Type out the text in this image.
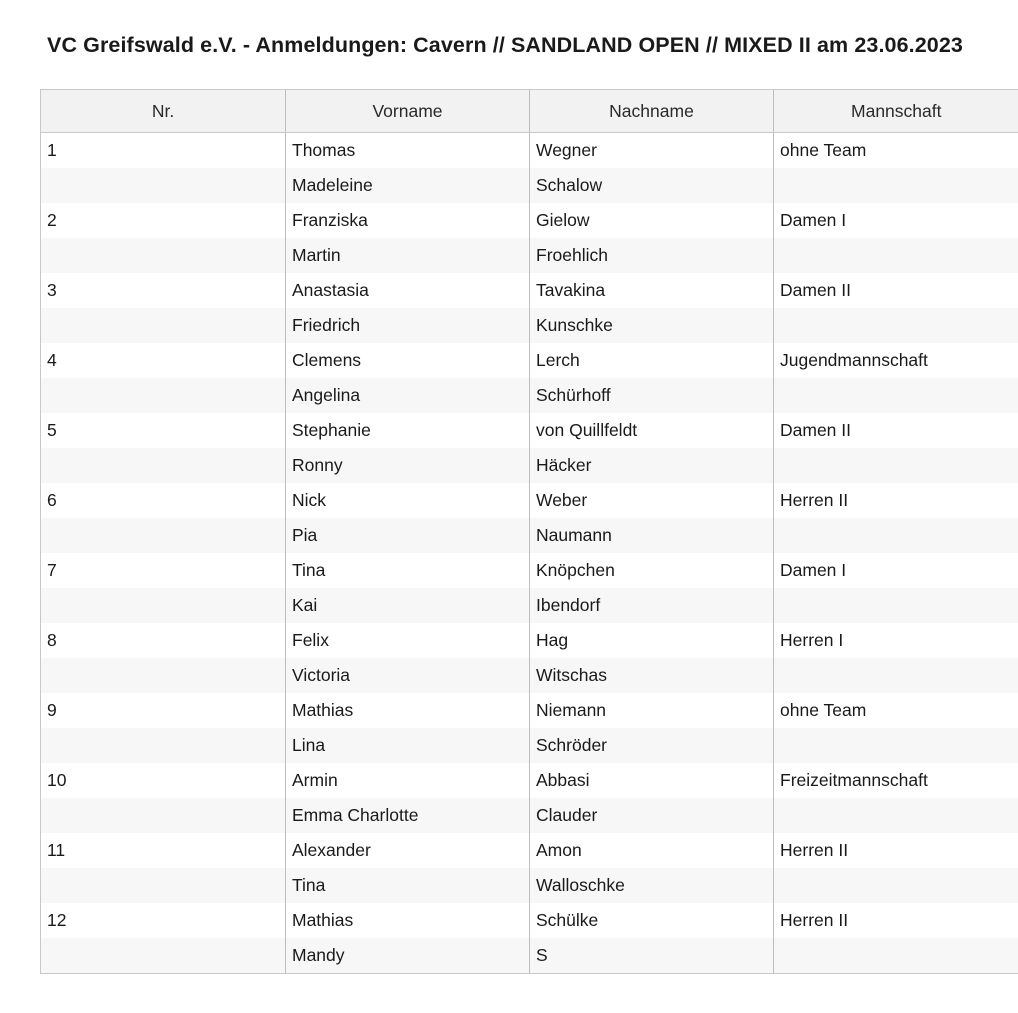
VC Greifswald e.V. - Anmeldungen: Cavern // SANDLAND OPEN // MIXED II am 23.06.2023
Nr.	Vorname	Nachname	Mannschaft
1	Thomas	Wegner	ohne Team
	Madeleine	Schalow	
2	Franziska	Gielow	Damen I
	Martin	Froehlich	
3	Anastasia	Tavakina	Damen II
	Friedrich	Kunschke	
4	Clemens	Lerch	Jugendmannschaft
	Angelina	Schürhoff	
5	Stephanie	von Quillfeldt	Damen II
	Ronny	Häcker	
6	Nick	Weber	Herren II
	Pia	Naumann	
7	Tina	Knöpchen	Damen I
	Kai	Ibendorf	
8	Felix	Hag	Herren I
	Victoria	Witschas	
9	Mathias	Niemann	ohne Team
	Lina	Schröder	
10	Armin	Abbasi	Freizeitmannschaft
	Emma Charlotte	Clauder	
11	Alexander	Amon	Herren II
	Tina	Walloschke	
12	Mathias	Schülke	Herren II
	Mandy	S	
